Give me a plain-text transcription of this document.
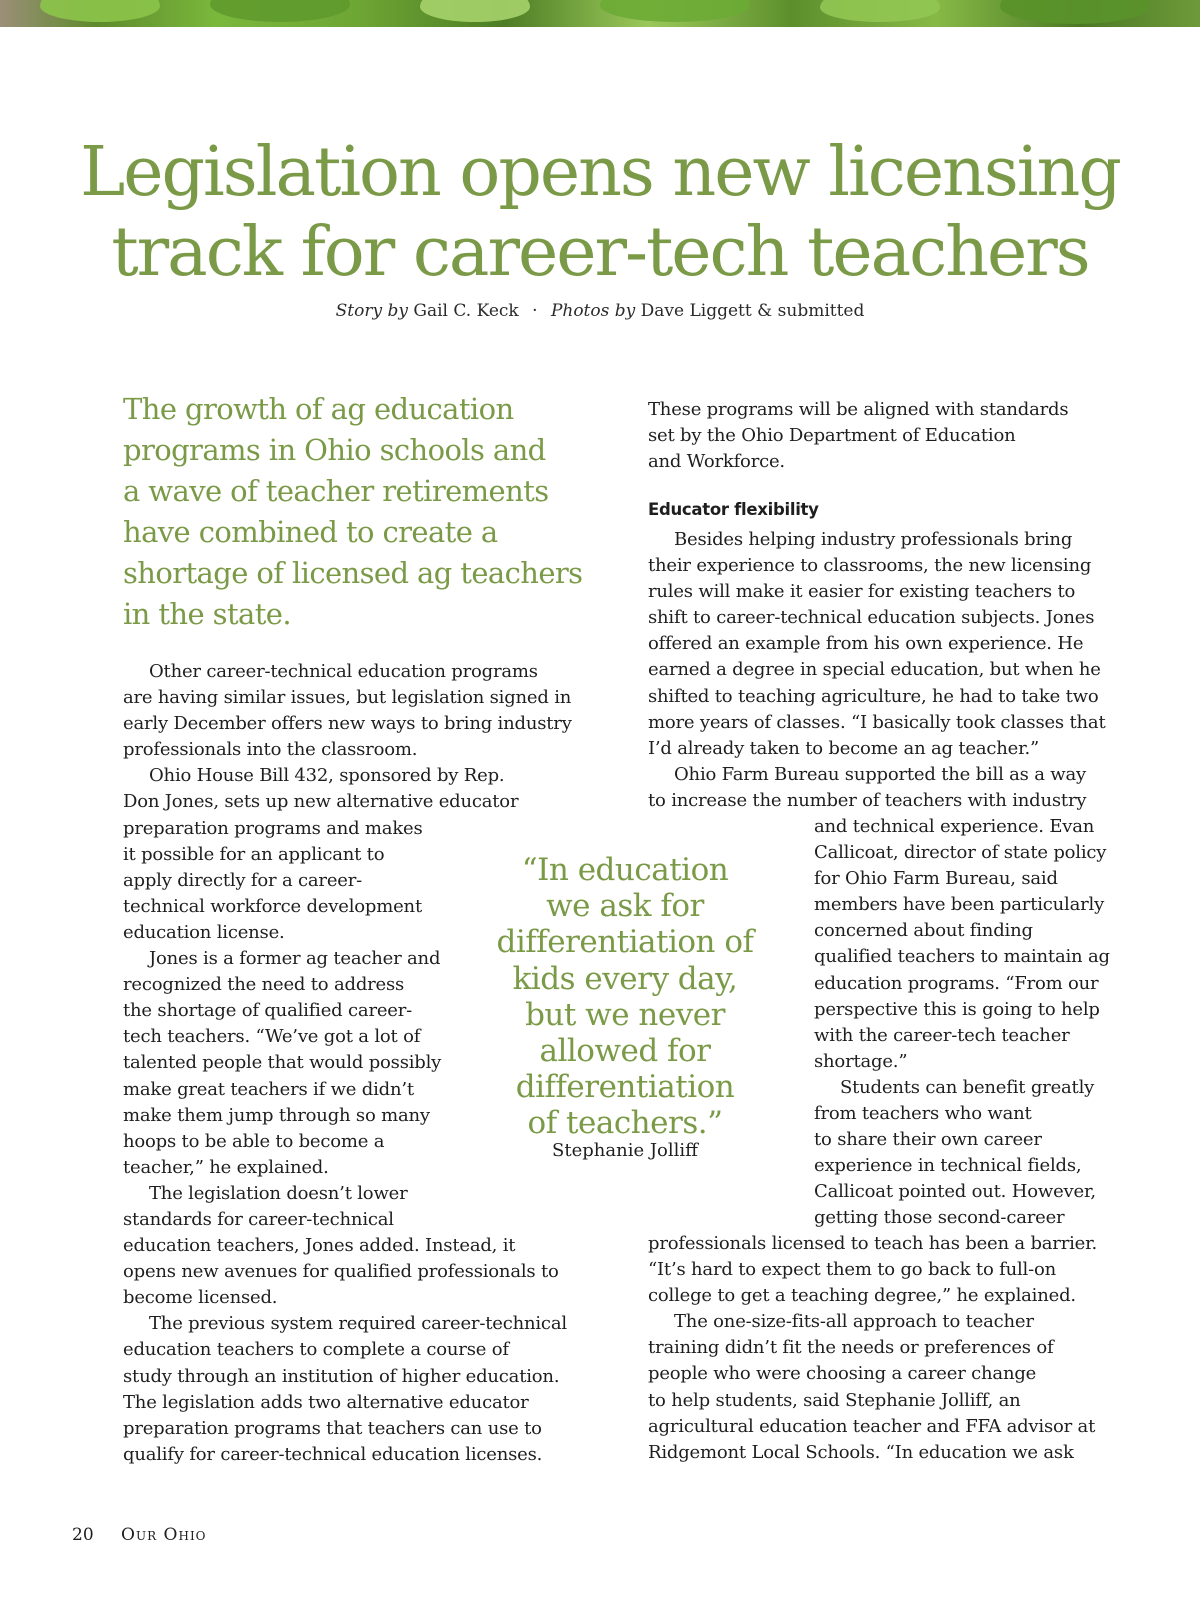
Legislation opens new licensing
track for career-tech teachers
Story by Gail C. Keck · Photos by Dave Liggett & submitted
The growth of ag education
programs in Ohio schools and
a wave of teacher retirements
have combined to create a
shortage of licensed ag teachers
in the state.
Other career-technical education programs
are having similar issues, but legislation signed in
early December offers new ways to bring industry
professionals into the classroom.
Ohio House Bill 432, sponsored by Rep.
Don Jones, sets up new alternative educator
preparation programs and makes
it possible for an applicant to
apply directly for a career-
technical workforce development
education license.
Jones is a former ag teacher and
recognized the need to address
the shortage of qualified career-
tech teachers. “We’ve got a lot of
talented people that would possibly
make great teachers if we didn’t
make them jump through so many
hoops to be able to become a
teacher,” he explained.
The legislation doesn’t lower
standards for career-technical
education teachers, Jones added. Instead, it
opens new avenues for qualified professionals to
become licensed.
The previous system required career-technical
education teachers to complete a course of
study through an institution of higher education.
The legislation adds two alternative educator
preparation programs that teachers can use to
qualify for career-technical education licenses.
These programs will be aligned with standards
set by the Ohio Department of Education
and Workforce.
Educator flexibility
Besides helping industry professionals bring
their experience to classrooms, the new licensing
rules will make it easier for existing teachers to
shift to career-technical education subjects. Jones
offered an example from his own experience. He
earned a degree in special education, but when he
shifted to teaching agriculture, he had to take two
more years of classes. “I basically took classes that
I’d already taken to become an ag teacher.”
Ohio Farm Bureau supported the bill as a way
to increase the number of teachers with industry
and technical experience. Evan
Callicoat, director of state policy
for Ohio Farm Bureau, said
members have been particularly
concerned about finding
qualified teachers to maintain ag
education programs. “From our
perspective this is going to help
with the career-tech teacher
shortage.”
Students can benefit greatly
from teachers who want
to share their own career
experience in technical fields,
Callicoat pointed out. However,
getting those second-career
professionals licensed to teach has been a barrier.
“It’s hard to expect them to go back to full-on
college to get a teaching degree,” he explained.
The one-size-fits-all approach to teacher
training didn’t fit the needs or preferences of
people who were choosing a career change
to help students, said Stephanie Jolliff, an
agricultural education teacher and FFA advisor at
Ridgemont Local Schools. “In education we ask
“In education
we ask for
differentiation of
kids every day,
but we never
allowed for
differentiation
of teachers.”
Stephanie Jolliff
20 Our Ohio
